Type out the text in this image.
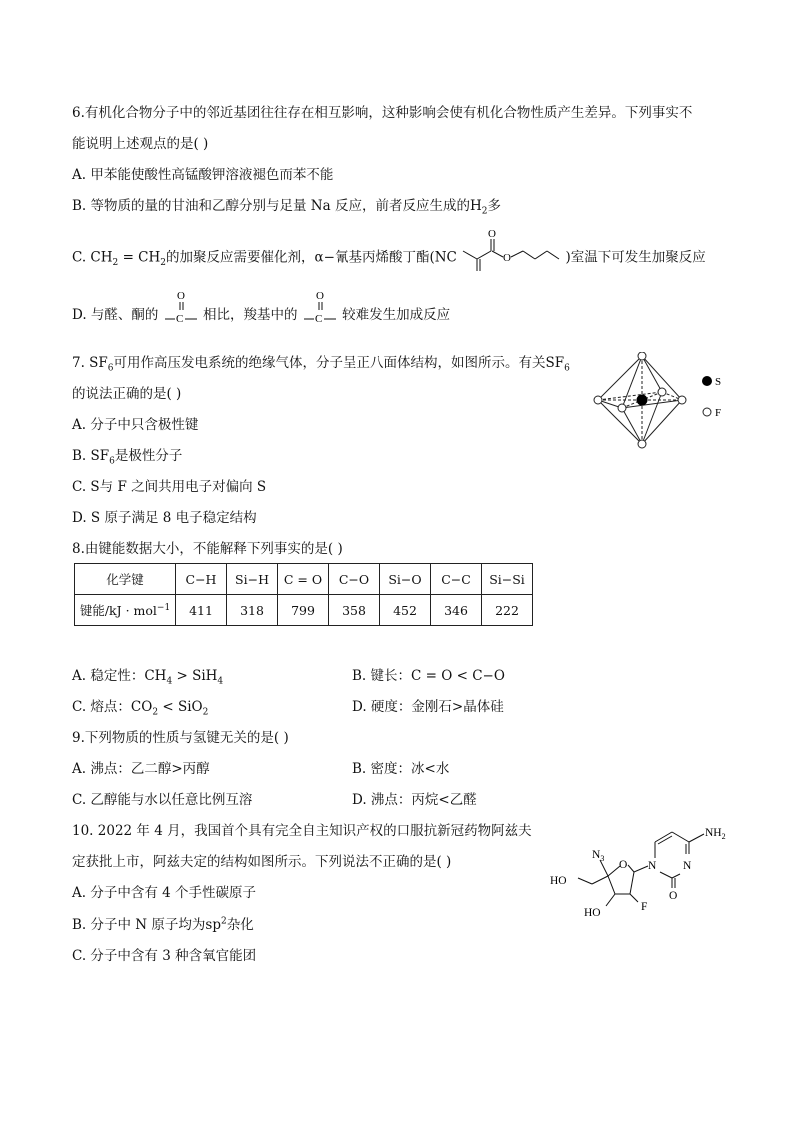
6.有机化合物分子中的邻近基团往往存在相互影响，这种影响会使有机化合物性质产生差异。下列事实不
能说明上述观点的是( )
A. 甲苯能使酸性高锰酸钾溶液褪色而苯不能
B. 等物质的量的甘油和乙醇分别与足量 Na 反应，前者反应生成的$H_2$多
C. $CH_2 = CH_2$的加聚反应需要催化剂，α−氰基丙烯酸丁酯(NC
O
O	)室温下可发生加聚反应
D. 与醛、酮的
O
C 相比，羧基中的
O
C 较难发生加成反应
7. $SF_6$可用作高压发电系统的绝缘气体，分子呈正八面体结构，如图所示。有关$SF_6$
的说法正确的是( )
A. 分子中只含极性键
B. $SF_6$是极性分子
C. S与 F 之间共用电子对偏向 S
D. S 原子满足 8 电子稳定结构
S
F
8.由键能数据大小，不能解释下列事实的是( )
化学键	C−H	Si−H	C = O	C−O	Si−O	C−C	Si−Si
键能/kJ · mol$^{-1}$	411	318	799	358	452	346	222
A. 稳定性：$CH_4 > SiH_4$	B. 键长：C = O < C−O
C. 熔点：$CO_2 < SiO_2$	D. 硬度：金刚石>晶体硅
9.下列物质的性质与氢键无关的是( )
A. 沸点：乙二醇>丙醇	B. 密度：冰<水
C. 乙醇能与水以任意比例互溶	D. 沸点：丙烷<乙醛
10. 2022 年 4 月，我国首个具有完全自主知识产权的口服抗新冠药物阿兹夫
定获批上市，阿兹夫定的结构如图所示。下列说法不正确的是( )
A. 分子中含有 4 个手性碳原子
B. 分子中 N 原子均为$sp^2$杂化
C. 分子中含有 3 种含氧官能团
$NH_2$
N
N
O
O
$N_3$
HO
HO	F
